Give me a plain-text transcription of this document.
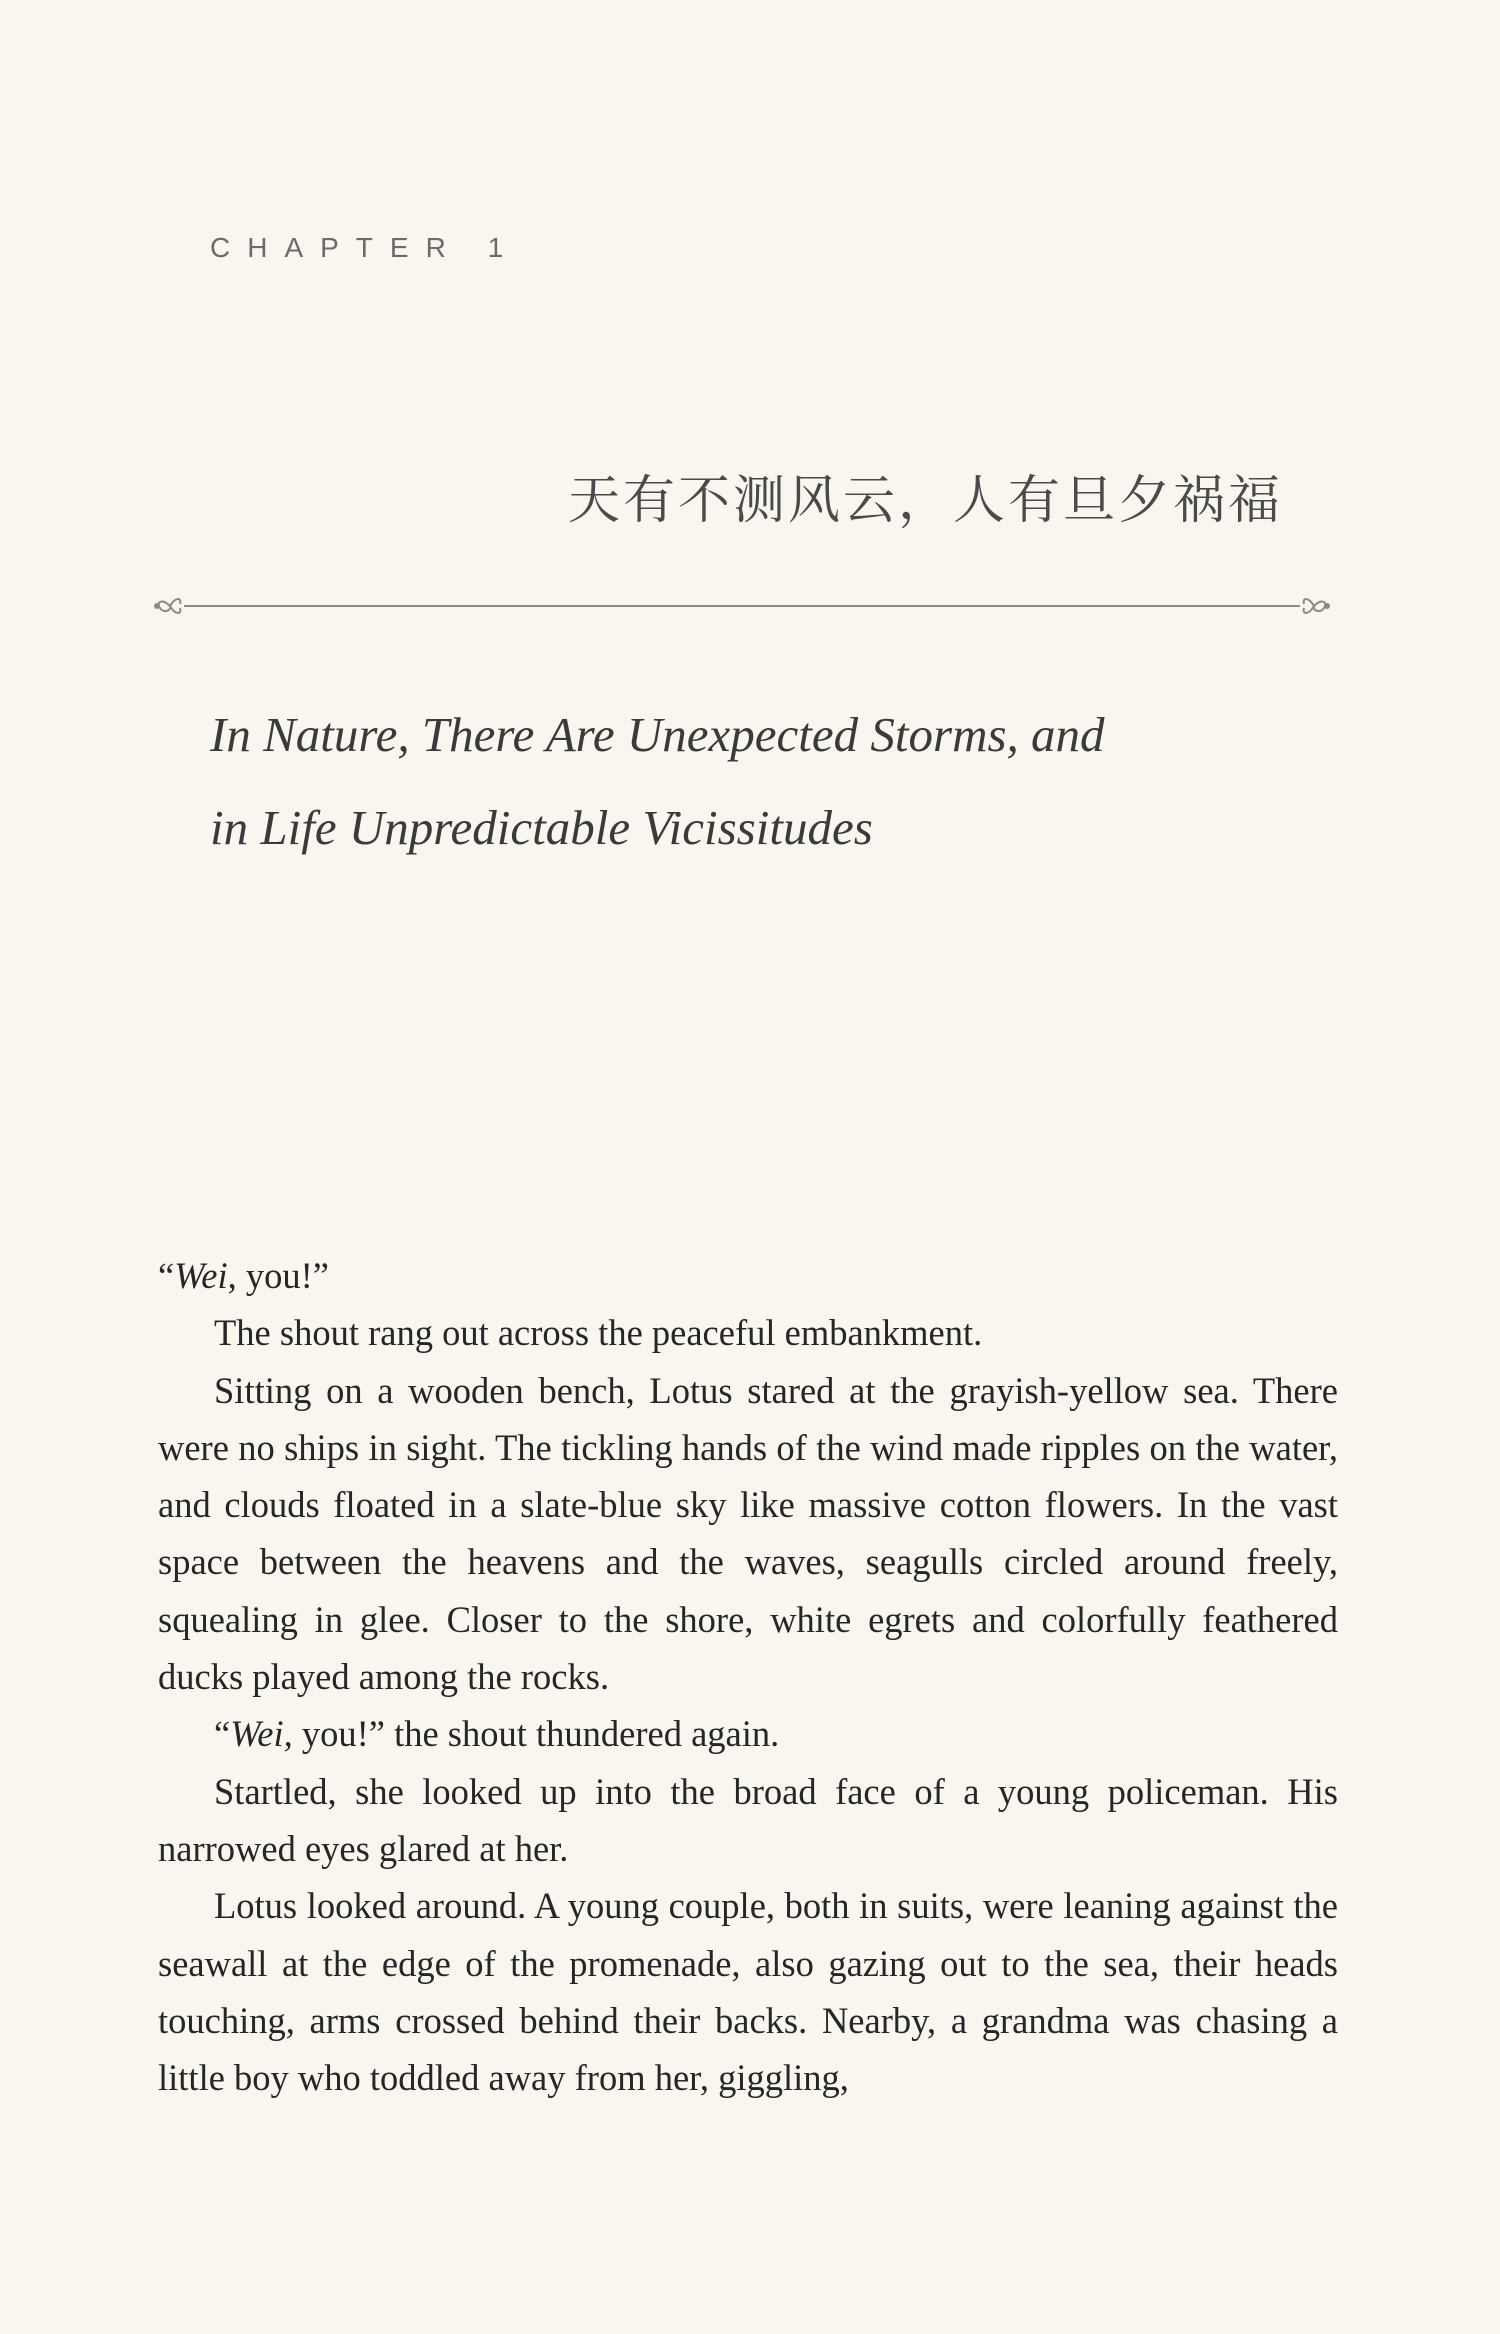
CHAPTER 1
天有不测风云，人有旦夕祸福
In Nature, There Are Unexpected Storms, and
in Life Unpredictable Vicissitudes

“Wei, you!”

The shout rang out across the peaceful embankment.

Sitting on a wooden bench, Lotus stared at the grayish-yellow sea. There were no ships in sight. The tickling hands of the wind made ripples on the water, and clouds floated in a slate-blue sky like massive cotton flowers. In the vast space between the heavens and the waves, seagulls circled around freely, squealing in glee. Closer to the shore, white egrets and colorfully feathered ducks played among the rocks.

“Wei, you!” the shout thundered again.

Startled, she looked up into the broad face of a young policeman. His narrowed eyes glared at her.

Lotus looked around. A young couple, both in suits, were leaning against the seawall at the edge of the promenade, also gazing out to the sea, their heads touching, arms crossed behind their backs. Nearby, a grandma was chasing a little boy who toddled away from her, giggling,
